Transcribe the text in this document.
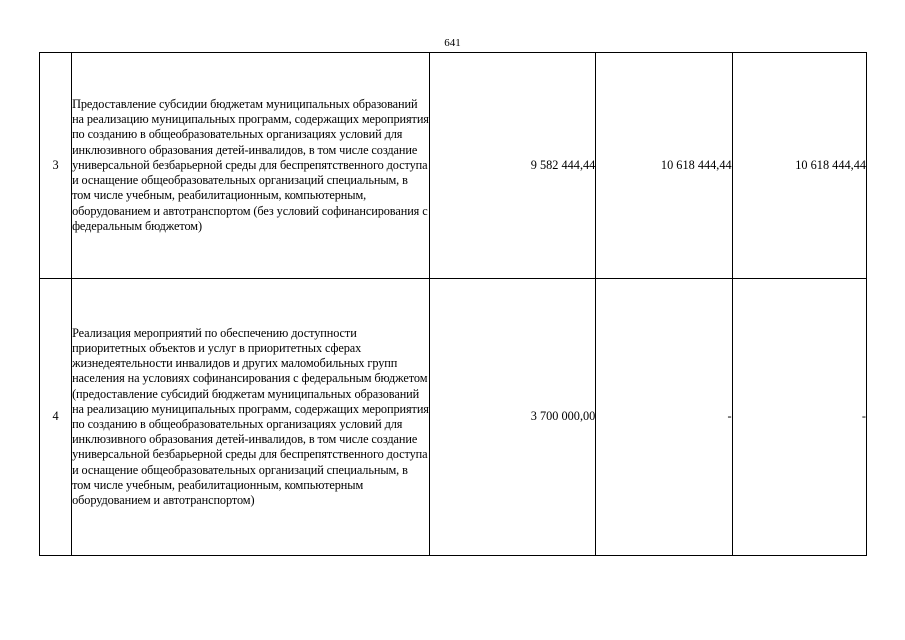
641
3	Предоставление субсидии бюджетам муниципальных образований на реализацию муниципальных программ, содержащих мероприятия по созданию в общеобразовательных организациях условий для инклюзивного образования детей-инвалидов, в том числе создание универсальной безбарьерной среды для беспрепятственного доступа и оснащение общеобразовательных организаций специальным, в том числе учебным, реабилитационным, компьютерным, оборудованием и автотранспортом (без условий софинансирования с федеральным бюджетом)	9 582 444,44	10 618 444,44	10 618 444,44
4	Реализация мероприятий по обеспечению доступности приоритетных объектов и услуг в приоритетных сферах жизнедеятельности инвалидов и других маломобильных групп населения на условиях софинансирования с федеральным бюджетом (предоставление субсидий бюджетам муниципальных образований на реализацию муниципальных программ, содержащих мероприятия по созданию в общеобразовательных организациях условий для инклюзивного образования детей-инвалидов, в том числе создание универсальной безбарьерной среды для беспрепятственного доступа и оснащение общеобразовательных организаций специальным, в том числе учебным, реабилитационным, компьютерным оборудованием и автотранспортом)	3 700 000,00	-	-
